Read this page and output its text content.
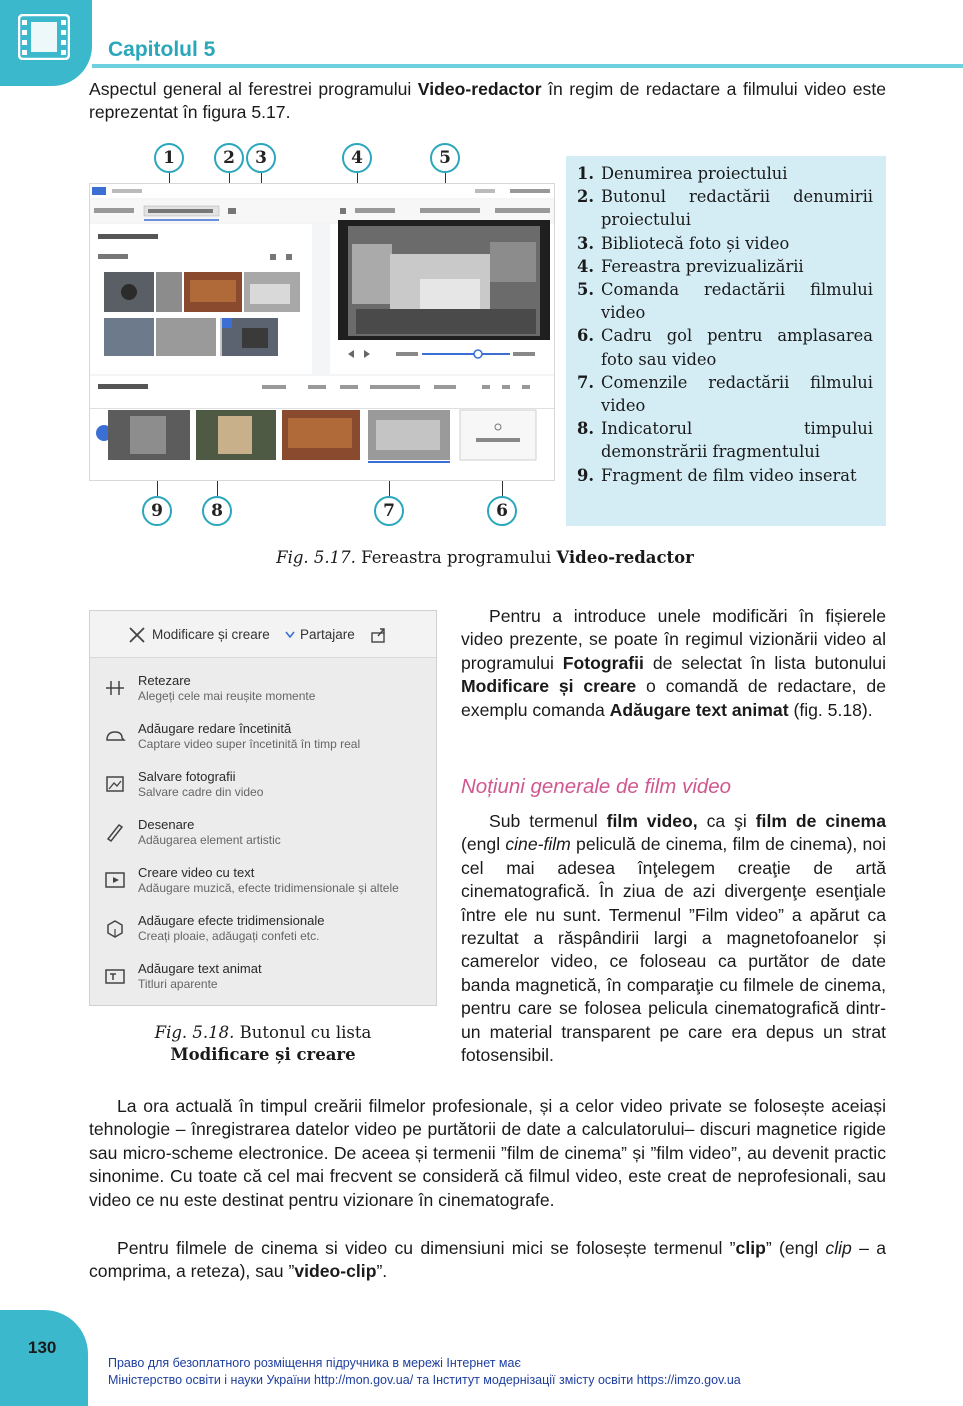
Capitolul 5

Aspectul general al ferestrei programului Video-redactor în regim de redactare a filmului video este reprezentat în figura 5.17.

1	2	3	4	5
9	8	7	6
1. Denumirea proiectului
2. Butonul redactării denumirii proiectului
3. Bibliotecă foto și video
4. Fereastra previzualizării
5. Comanda redactării filmului video
6. Cadru gol pentru amplasarea foto sau video
7. Comenzile redactării filmului video
8. Indicatorul timpului demonstrării fragmentului
9. Fragment de film video inserat
Fig. 5.17. Fereastra programului Video-redactor
Modificare și creare Partajare
Retezare
Alegeți cele mai reușite momente
Adăugare redare încetinită
Captare video super încetinită în timp real
Salvare fotografii
Salvare cadre din video
Desenare
Adăugarea element artistic
Creare video cu text
Adăugare muzică, efecte tridimensionale și altele
Adăugare efecte tridimensionale
Creați ploaie, adăugați confeti etc.
Adăugare text animat
Titluri aparente
Fig. 5.18. Butonul cu lista
Modificare și creare

Pentru a introduce unele modificări în fișierele video prezente, se poate în regimul vizionării video al programului Fotografii de selectat în lista butonului Modificare și creare o comandă de redactare, de exemplu comanda Adăugare text animat (fig. 5.18).

Noțiuni generale de film video

Sub termenul film video, ca şi film de cinema (engl cine-film peliculă de cinema, film de cinema), noi cel mai adesea înţelegem creaţie de artă cinematografică. În ziua de azi divergenţe esenţiale între ele nu sunt. Termenul ”Film video” a apărut ca rezultat a răspândirii largi a magnetofoanelor și camerelor video, ce foloseau ca purtător de date banda magnetică, în comparaţie cu filmele de cinema, pentru care se folosea pelicula cinematografică dintr-un material transparent pe care era depus un strat fotosensibil.

La ora actuală în timpul creării filmelor profesionale, și a celor video private se folosește aceiași tehnologie – înregistrarea datelor video pe purtătorii de date a calculatorului– discuri magnetice rigide sau micro-scheme electronice. De aceea și termenii ”film de cinema” și ”film video”, au devenit practic sinonime. Cu toate că cel mai frecvent se consideră că filmul video, este creat de neprofesionali, sau video ce nu este destinat pentru vizionare în cinematografe.

Pentru filmele de cinema si video cu dimensiuni mici se folosește termenul ”clip” (engl clip – a comprima, a reteza), sau ”video-clip”.

130
Право для безоплатного розміщення підручника в мережі Інтернет має
Міністерство освіти і науки України http://mon.gov.ua/ та Інститут модернізації змісту освіти https://imzo.gov.ua
